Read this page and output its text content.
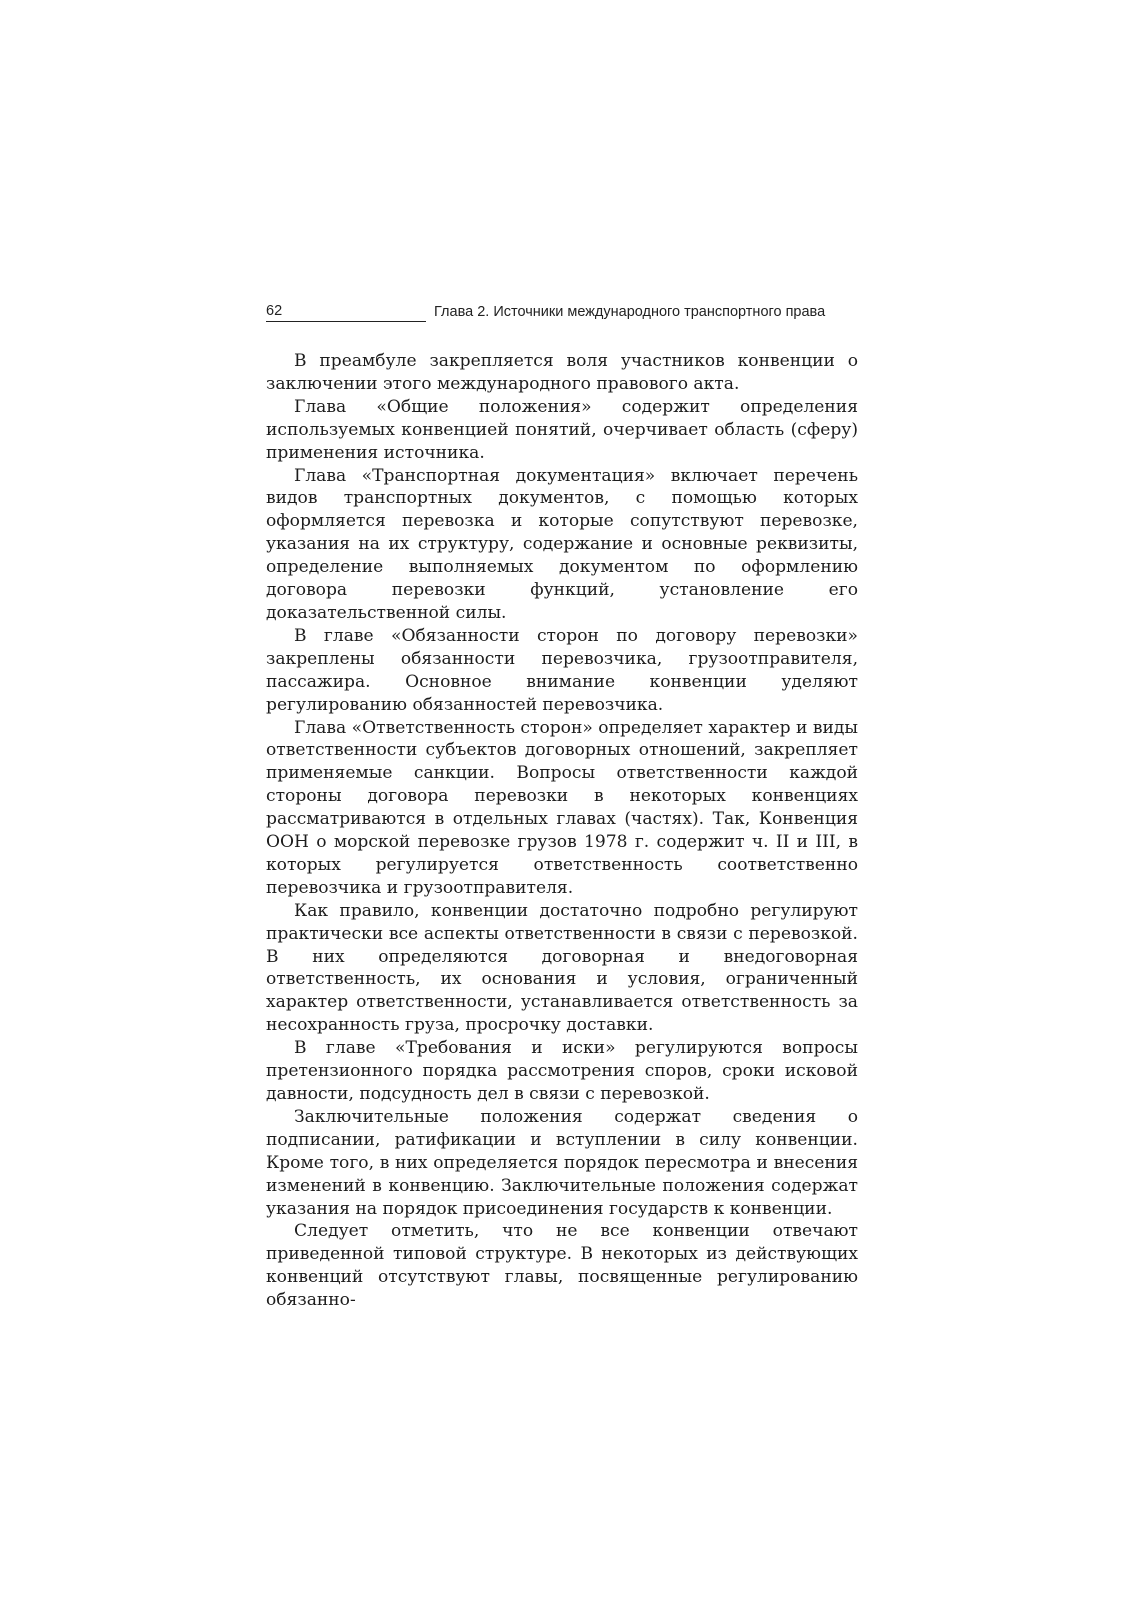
62	Глава 2. Источники международного транспортного права

В преамбуле закрепляется воля участников конвенции о заключении этого международного правового акта.

Глава «Общие положения» содержит определения используемых конвенцией понятий, очерчивает область (сферу) применения источника.

Глава «Транспортная документация» включает перечень видов транспортных документов, с помощью которых оформляется перевозка и которые сопутствуют перевозке, указания на их структуру, содержание и основные реквизиты, определение выполняемых документом по оформлению договора перевозки функций, установление его доказательственной силы.

В главе «Обязанности сторон по договору перевозки» закреплены обязанности перевозчика, грузоотправителя, пассажира. Основное внимание конвенции уделяют регулированию обязанностей перевозчика.

Глава «Ответственность сторон» определяет характер и виды ответственности субъектов договорных отношений, закрепляет применяемые санкции. Вопросы ответственности каждой стороны договора перевозки в некоторых конвенциях рассматриваются в отдельных главах (частях). Так, Конвенция ООН о морской перевозке грузов 1978 г. содержит ч. II и III, в которых регулируется ответственность соответственно перевозчика и грузоотправителя.

Как правило, конвенции достаточно подробно регулируют практически все аспекты ответственности в связи с перевозкой. В них определяются договорная и внедоговорная ответственность, их основания и условия, ограниченный характер ответственности, устанавливается ответственность за несохранность груза, просрочку доставки.

В главе «Требования и иски» регулируются вопросы претензионного порядка рассмотрения споров, сроки исковой давности, подсудность дел в связи с перевозкой.

Заключительные положения содержат сведения о подписании, ратификации и вступлении в силу конвенции. Кроме того, в них определяется порядок пересмотра и внесения изменений в конвенцию. Заключительные положения содержат указания на порядок присоединения государств к конвенции.

Следует отметить, что не все конвенции отвечают приведенной типовой структуре. В некоторых из действующих конвенций отсутствуют главы, посвященные регулированию обязанно-
